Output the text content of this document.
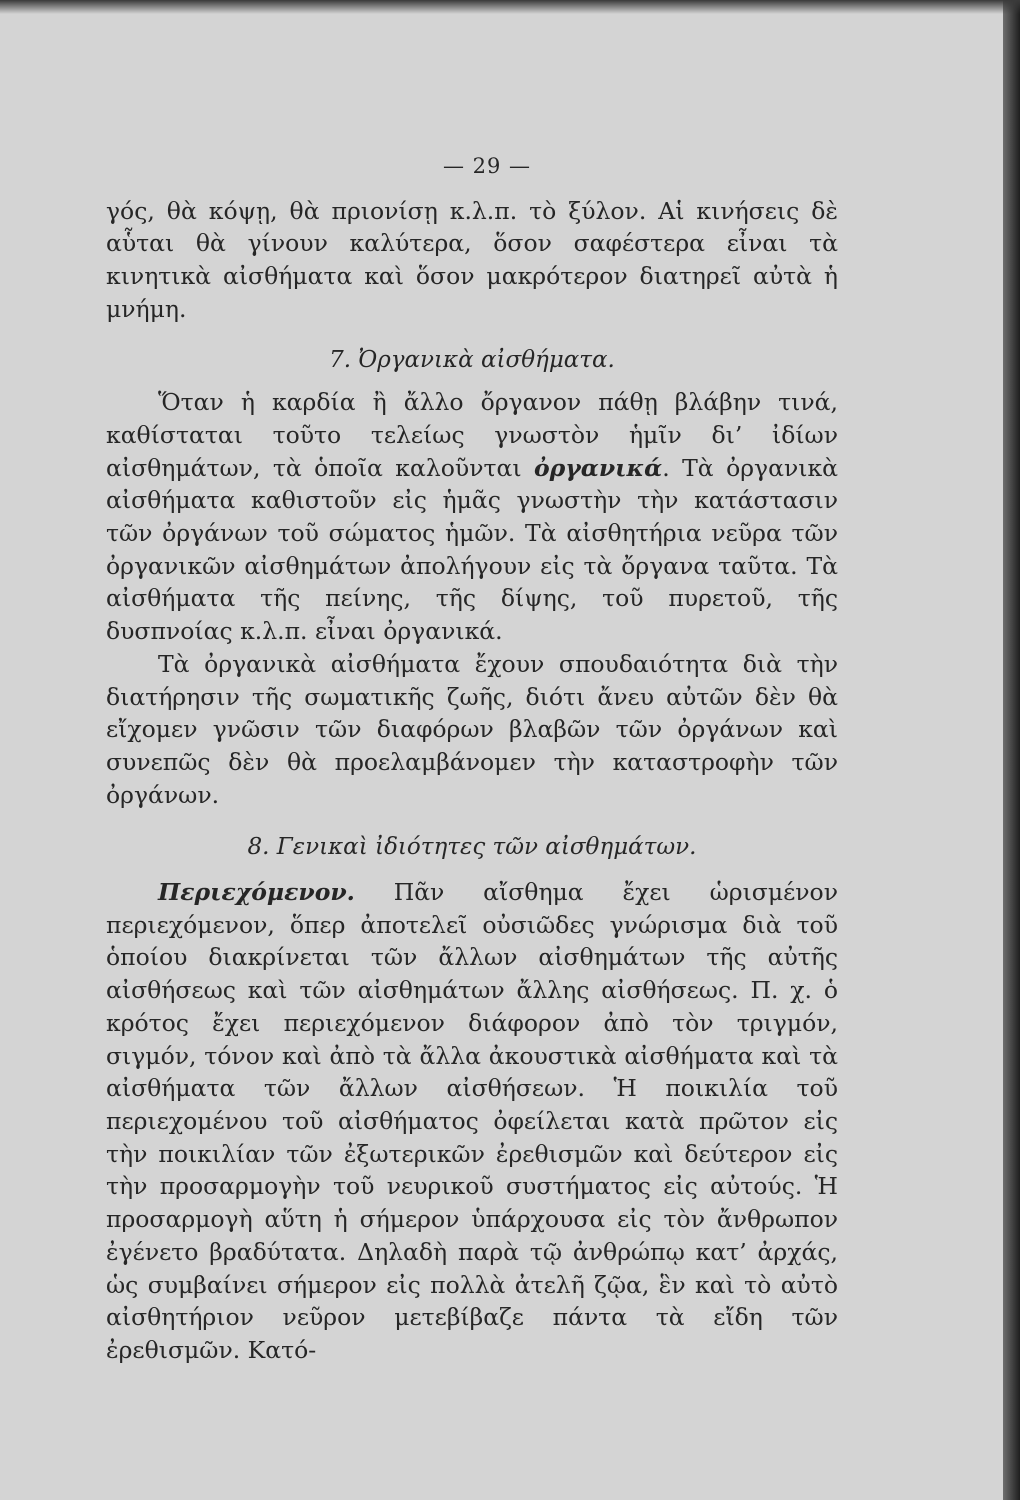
— 29 —

γός, θὰ κόψῃ, θὰ πριονίσῃ κ.λ.π. τὸ ξύλον. Αἱ κινήσεις δὲ αὗται θὰ γίνουν καλύτερα, ὅσον σαφέστερα εἶναι τὰ κινητικὰ αἰσθήματα καὶ ὅσον μακρότερον διατηρεῖ αὐτὰ ἡ μνήμη.

7. Ὀργανικὰ αἰσθήματα.

Ὅταν ἡ καρδία ἢ ἄλλο ὄργανον πάθῃ βλάβην τινά, καθίσταται τοῦτο τελείως γνωστὸν ἡμῖν δι’ ἰδίων αἰσθημάτων, τὰ ὁποῖα καλοῦνται ὀργανικά. Τὰ ὀργανικὰ αἰσθήματα καθιστοῦν εἰς ἡμᾶς γνωστὴν τὴν κατάστασιν τῶν ὀργάνων τοῦ σώματος ἡμῶν. Τὰ αἰσθητήρια νεῦρα τῶν ὀργανικῶν αἰσθημάτων ἀπολήγουν εἰς τὰ ὄργανα ταῦτα. Τὰ αἰσθήματα τῆς πείνης, τῆς δίψης, τοῦ πυρετοῦ, τῆς δυσπνοίας κ.λ.π. εἶναι ὀργανικά.

Τὰ ὀργανικὰ αἰσθήματα ἔχουν σπουδαιότητα διὰ τὴν διατήρησιν τῆς σωματικῆς ζωῆς, διότι ἄνευ αὐτῶν δὲν θὰ εἴχομεν γνῶσιν τῶν διαφόρων βλαβῶν τῶν ὀργάνων καὶ συνεπῶς δὲν θὰ προελαμβάνομεν τὴν καταστροφὴν τῶν ὀργάνων.

8. Γενικαὶ ἰδιότητες τῶν αἰσθημάτων.

Περιεχόμενον. Πᾶν αἴσθημα ἔχει ὡρισμένον περιεχόμενον, ὅπερ ἀποτελεῖ οὐσιῶδες γνώρισμα διὰ τοῦ ὁποίου διακρίνεται τῶν ἄλλων αἰσθημάτων τῆς αὐτῆς αἰσθήσεως καὶ τῶν αἰσθημάτων ἄλλης αἰσθήσεως. Π. χ. ὁ κρότος ἔχει περιεχόμενον διάφορον ἀπὸ τὸν τριγμόν, σιγμόν, τόνον καὶ ἀπὸ τὰ ἄλλα ἀκουστικὰ αἰσθήματα καὶ τὰ αἰσθήματα τῶν ἄλλων αἰσθήσεων. Ἡ ποικιλία τοῦ περιεχομένου τοῦ αἰσθήματος ὀφείλεται κατὰ πρῶτον εἰς τὴν ποικιλίαν τῶν ἐξωτερικῶν ἐρεθισμῶν καὶ δεύτερον εἰς τὴν προσαρμογὴν τοῦ νευρικοῦ συστήματος εἰς αὐτούς. Ἡ προσαρμογὴ αὕτη ἡ σήμερον ὑπάρχουσα εἰς τὸν ἄνθρωπον ἐγένετο βραδύτατα. Δηλαδὴ παρὰ τῷ ἀνθρώπῳ κατ’ ἀρχάς, ὡς συμβαίνει σήμερον εἰς πολλὰ ἀτελῆ ζῷα, ἓν καὶ τὸ αὐτὸ αἰσθητήριον νεῦρον μετεβίβαζε πάντα τὰ εἴδη τῶν ἐρεθισμῶν. Κατό-
